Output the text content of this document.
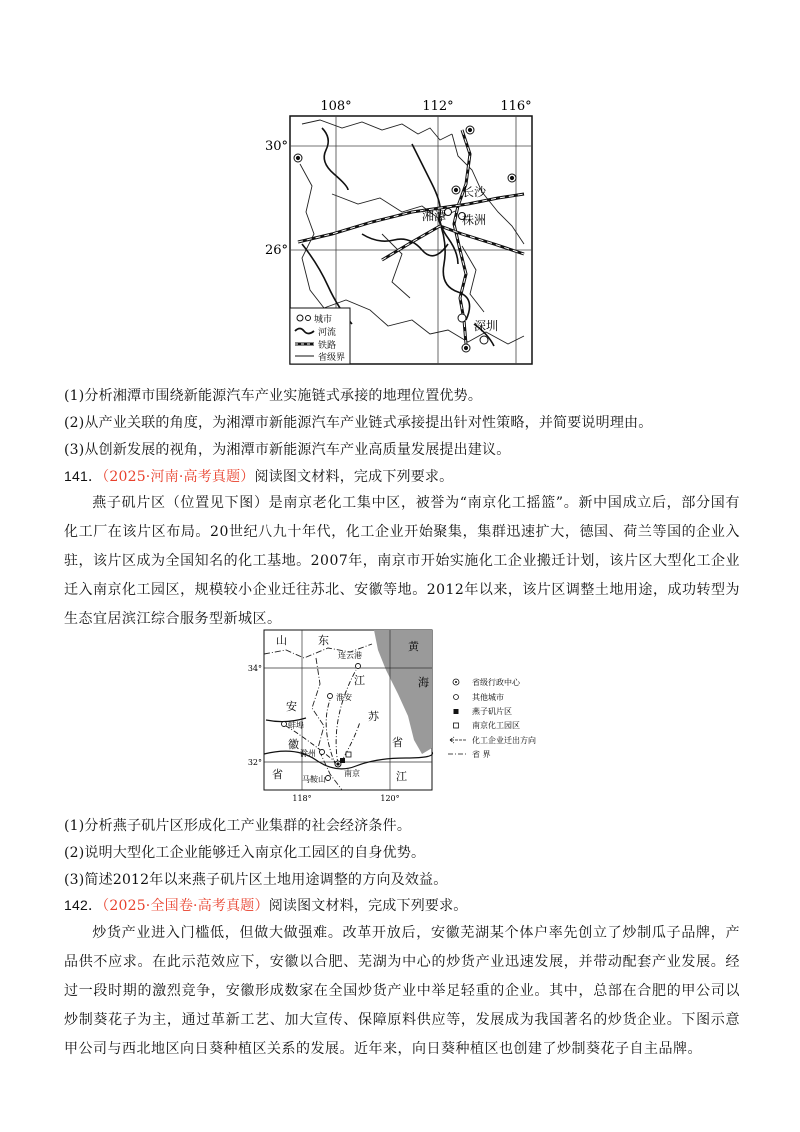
108°	112°	116°
30°
26°
长沙
湘潭 株洲
深圳
城市
河流
铁路
省级界
(1)分析湘潭市围绕新能源汽车产业实施链式承接的地理位置优势。
(2)从产业关联的角度，为湘潭市新能源汽车产业链式承接提出针对性策略，并简要说明理由。
(3)从创新发展的视角，为湘潭市新能源汽车产业高质量发展提出建议。
141．（2025·河南·高考真题）阅读图文材料，完成下列要求。
燕子矶片区（位置见下图）是南京老化工集中区，被誉为“南京化工摇篮”。新中国成立后，部分国有化工厂在该片区布局。20世纪八九十年代，化工企业开始聚集，集群迅速扩大，德国、荷兰等国的企业入驻，该片区成为全国知名的化工基地。2007年，南京市开始实施化工企业搬迁计划，该片区大型化工企业迁入南京化工园区，规模较小企业迁往苏北、安徽等地。2012年以来，该片区调整土地用途，成功转型为生态宜居滨江综合服务型新城区。
山	东
江
苏
安
徽	省
省	江
黄
海
连云港
淮安
蚌埠
滁州
马鞍山
南京
34°
32°
118°	120°
省级行政中心
其他城市
燕子矶片区
南京化工园区
化工企业迁出方向
省 界
(1)分析燕子矶片区形成化工产业集群的社会经济条件。
(2)说明大型化工企业能够迁入南京化工园区的自身优势。
(3)简述2012年以来燕子矶片区土地用途调整的方向及效益。
142．（2025·全国卷·高考真题）阅读图文材料，完成下列要求。
炒货产业进入门槛低，但做大做强难。改革开放后，安徽芜湖某个体户率先创立了炒制瓜子品牌，产品供不应求。在此示范效应下，安徽以合肥、芜湖为中心的炒货产业迅速发展，并带动配套产业发展。经过一段时期的激烈竞争，安徽形成数家在全国炒货产业中举足轻重的企业。其中，总部在合肥的甲公司以炒制葵花子为主，通过革新工艺、加大宣传、保障原料供应等，发展成为我国著名的炒货企业。下图示意甲公司与西北地区向日葵种植区关系的发展。近年来，向日葵种植区也创建了炒制葵花子自主品牌。
